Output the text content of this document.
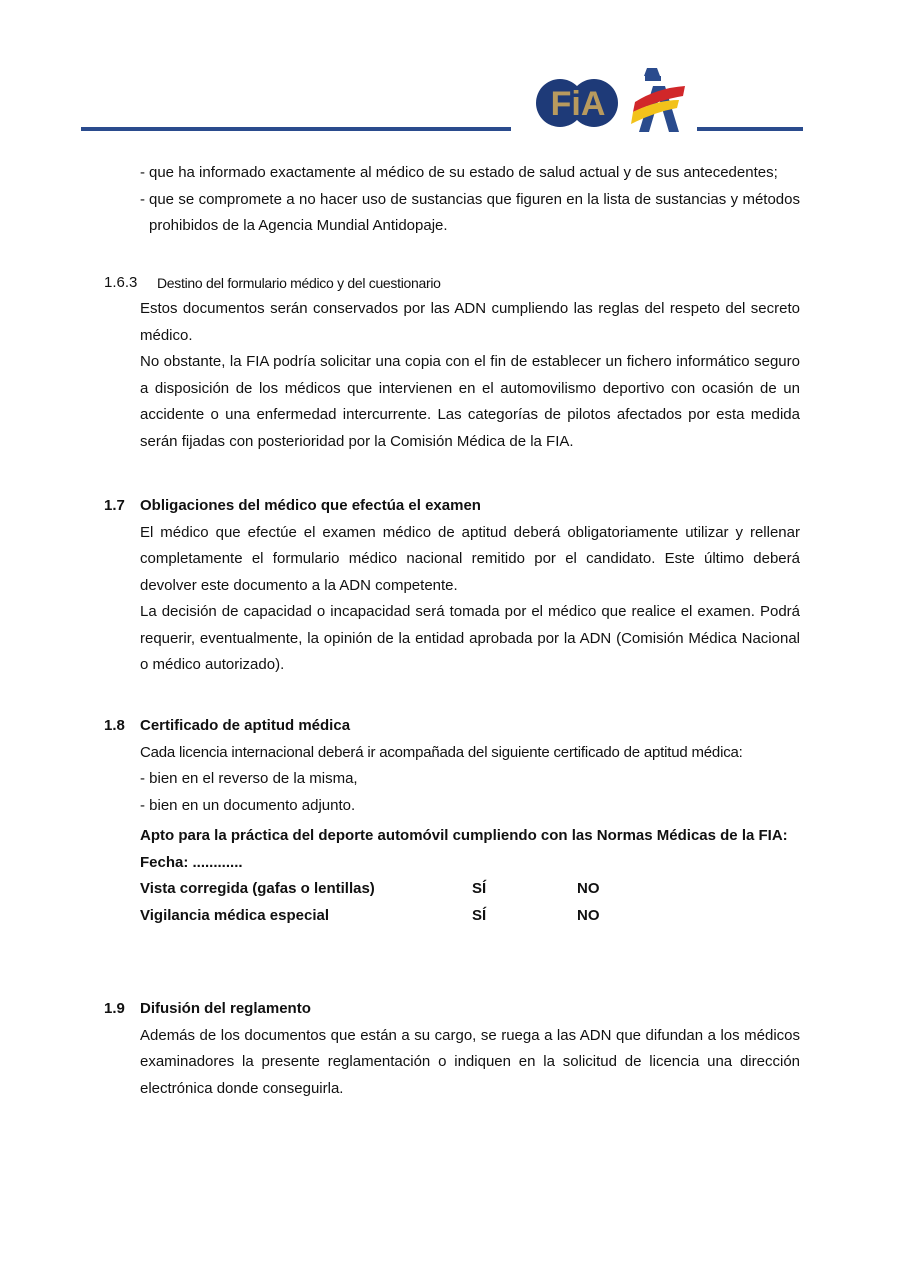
FiA
- que ha informado exactamente al médico de su estado de salud actual y de sus antecedentes;
- que se compromete a no hacer uso de sustancias que figuren en la lista de sustancias y métodos prohibidos de la Agencia Mundial Antidopaje.
1.6.3 Destino del formulario médico y del cuestionario

Estos documentos serán conservados por las ADN cumpliendo las reglas del respeto del secreto médico.

No obstante, la FIA podría solicitar una copia con el fin de establecer un fichero informático seguro a disposición de los médicos que intervienen en el automovilismo deportivo con ocasión de un accidente o una enfermedad intercurrente. Las categorías de pilotos afectados por esta medida serán fijadas con posterioridad por la Comisión Médica de la FIA.

1.7 Obligaciones del médico que efectúa el examen

El médico que efectúe el examen médico de aptitud deberá obligatoriamente utilizar y rellenar completamente el formulario médico nacional remitido por el candidato. Este último deberá devolver este documento a la ADN competente.

La decisión de capacidad o incapacidad será tomada por el médico que realice el examen. Podrá requerir, eventualmente, la opinión de la entidad aprobada por la ADN (Comisión Médica Nacional o médico autorizado).

1.8 Certificado de aptitud médica
Cada licencia internacional deberá ir acompañada del siguiente certificado de aptitud médica:
- bien en el reverso de la misma,
- bien en un documento adjunto.

Apto para la práctica del deporte automóvil cumpliendo con las Normas Médicas de la FIA:

Fecha: ............
Vista corregida (gafas o lentillas)	SÍ	NO
Vigilancia médica especial	SÍ	NO
1.9 Difusión del reglamento

Además de los documentos que están a su cargo, se ruega a las ADN que difundan a los médicos examinadores la presente reglamentación o indiquen en la solicitud de licencia una dirección electrónica donde conseguirla.
